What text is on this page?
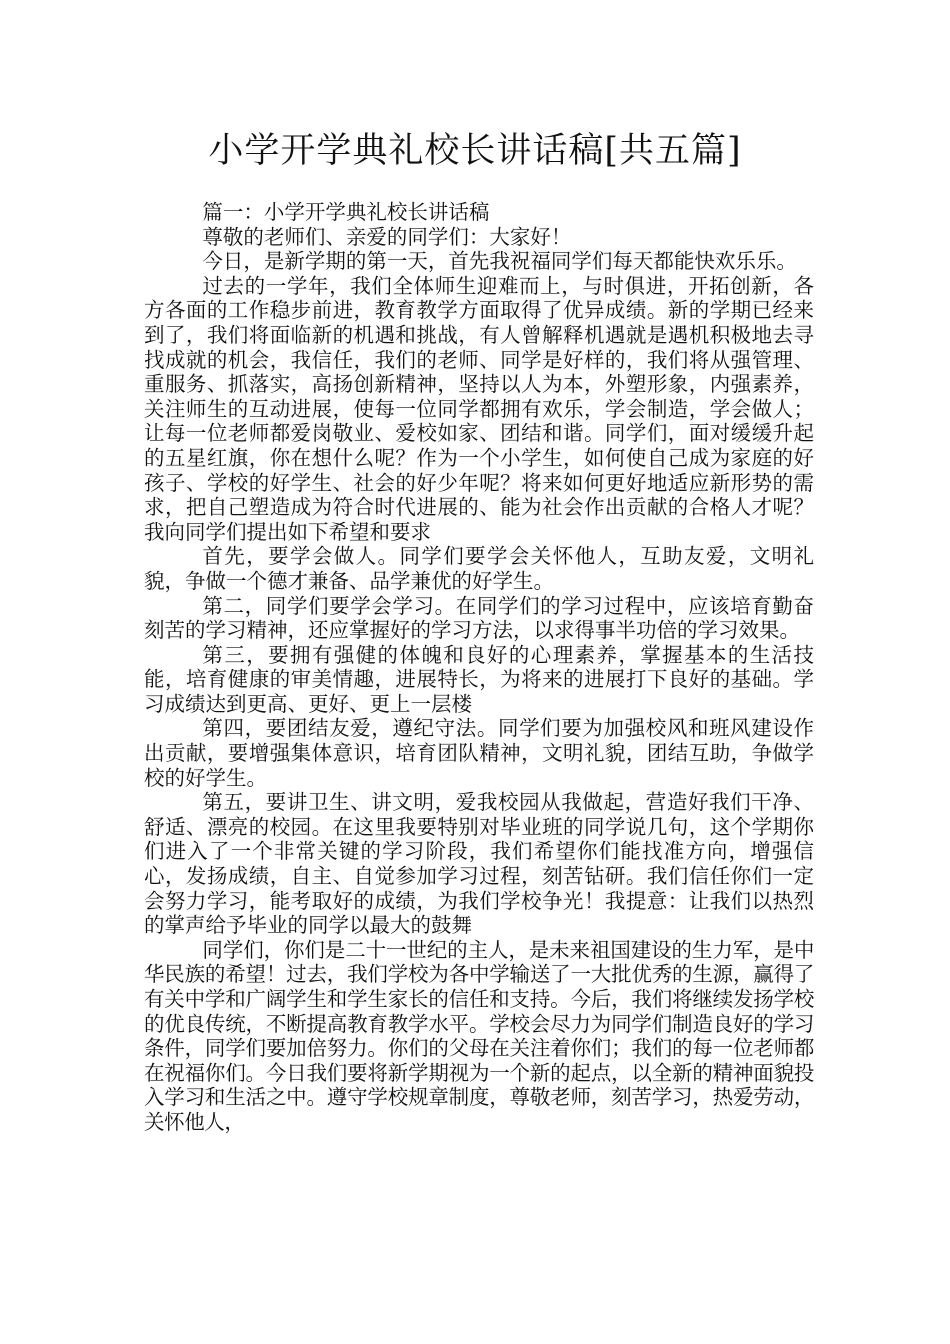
小学开学典礼校长讲话稿[共五篇]

篇一：小学开学典礼校长讲话稿

尊敬的老师们、亲爱的同学们：大家好！

今日，是新学期的第一天，首先我祝福同学们每天都能快欢乐乐。

过去的一学年，我们全体师生迎难而上，与时俱进，开拓创新，各方各面的工作稳步前进，教育教学方面取得了优异成绩。新的学期已经来到了，我们将面临新的机遇和挑战，有人曾解释机遇就是遇机积极地去寻找成就的机会，我信任，我们的老师、同学是好样的，我们将从强管理、重服务、抓落实，高扬创新精神，坚持以人为本，外塑形象，内强素养，关注师生的互动进展，使每一位同学都拥有欢乐，学会制造，学会做人；让每一位老师都爱岗敬业、爱校如家、团结和谐。同学们，面对缓缓升起的五星红旗，你在想什么呢？作为一个小学生，如何使自己成为家庭的好孩子、学校的好学生、社会的好少年呢？将来如何更好地适应新形势的需求，把自己塑造成为符合时代进展的、能为社会作出贡献的合格人才呢？我向同学们提出如下希望和要求

首先，要学会做人。同学们要学会关怀他人，互助友爱，文明礼貌，争做一个德才兼备、品学兼优的好学生。

第二，同学们要学会学习。在同学们的学习过程中，应该培育勤奋刻苦的学习精神，还应掌握好的学习方法，以求得事半功倍的学习效果。

第三，要拥有强健的体魄和良好的心理素养，掌握基本的生活技能，培育健康的审美情趣，进展特长，为将来的进展打下良好的基础。学习成绩达到更高、更好、更上一层楼

第四，要团结友爱，遵纪守法。同学们要为加强校风和班风建设作出贡献，要增强集体意识，培育团队精神，文明礼貌，团结互助，争做学校的好学生。

第五，要讲卫生、讲文明，爱我校园从我做起，营造好我们干净、舒适、漂亮的校园。在这里我要特别对毕业班的同学说几句，这个学期你们进入了一个非常关键的学习阶段，我们希望你们能找准方向，增强信心，发扬成绩，自主、自觉参加学习过程，刻苦钻研。我们信任你们一定会努力学习，能考取好的成绩，为我们学校争光！我提意：让我们以热烈的掌声给予毕业的同学以最大的鼓舞

同学们，你们是二十一世纪的主人，是未来祖国建设的生力军，是中华民族的希望！过去，我们学校为各中学输送了一大批优秀的生源，赢得了有关中学和广阔学生和学生家长的信任和支持。今后，我们将继续发扬学校的优良传统，不断提高教育教学水平。学校会尽力为同学们制造良好的学习条件，同学们要加倍努力。你们的父母在关注着你们；我们的每一位老师都在祝福你们。今日我们要将新学期视为一个新的起点，以全新的精神面貌投入学习和生活之中。遵守学校规章制度，尊敬老师，刻苦学习，热爱劳动，关怀他人，
